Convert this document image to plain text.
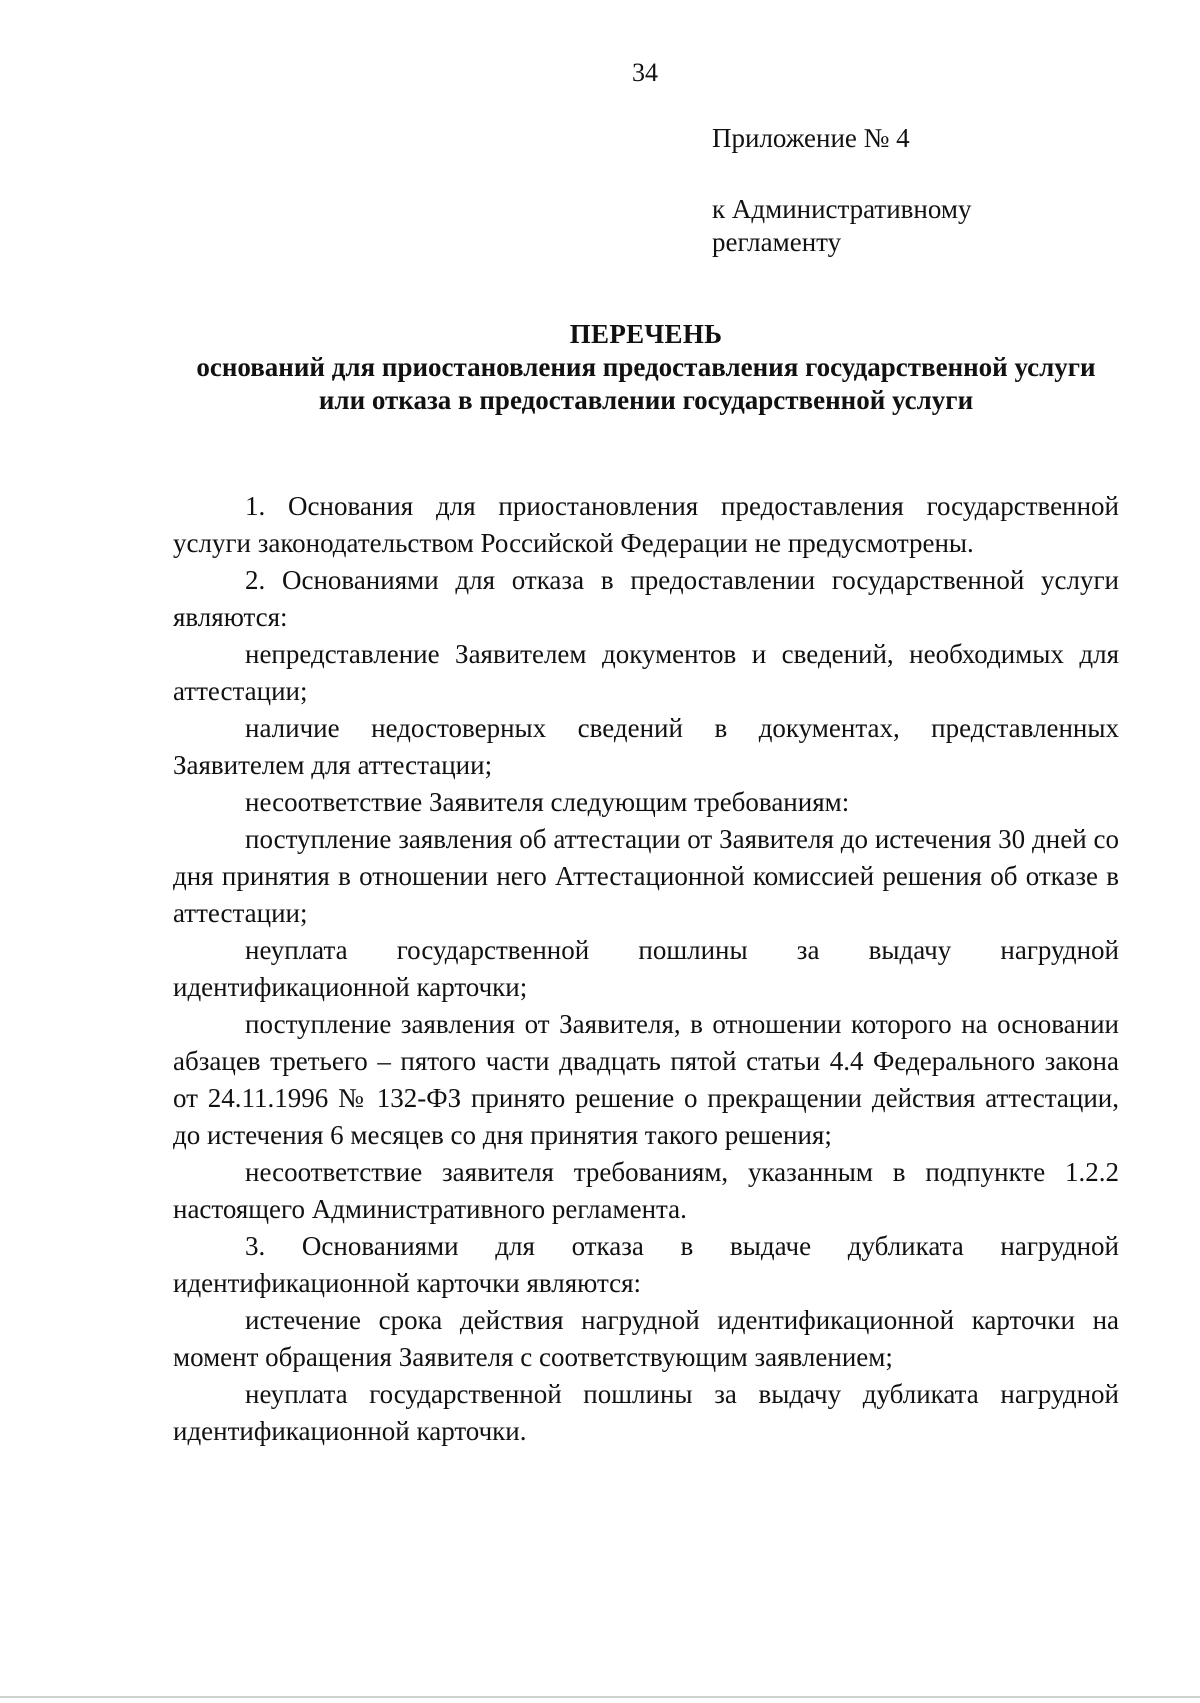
34
Приложение № 4
к Административному регламенту
ПЕРЕЧЕНЬ
оснований для приостановления предоставления государственной услуги или отказа в предоставлении государственной услуги

1. Основания для приостановления предоставления государственной услуги законодательством Российской Федерации не предусмотрены.

2. Основаниями для отказа в предоставлении государственной услуги являются:

непредставление Заявителем документов и сведений, необходимых для аттестации;

наличие недостоверных сведений в документах, представленных Заявителем для аттестации;

несоответствие Заявителя следующим требованиям:

поступление заявления об аттестации от Заявителя до истечения 30 дней со дня принятия в отношении него Аттестационной комиссией решения об отказе в аттестации;

неуплата государственной пошлины за выдачу нагрудной идентификационной карточки;

поступление заявления от Заявителя, в отношении которого на основании абзацев третьего – пятого части двадцать пятой статьи 4.4 Федерального закона от 24.11.1996 № 132-ФЗ принято решение о прекращении действия аттестации, до истечения 6 месяцев со дня принятия такого решения;

несоответствие заявителя требованиям, указанным в подпункте 1.2.2 настоящего Административного регламента.

3. Основаниями для отказа в выдаче дубликата нагрудной идентификационной карточки являются:

истечение срока действия нагрудной идентификационной карточки на момент обращения Заявителя с соответствующим заявлением;

неуплата государственной пошлины за выдачу дубликата нагрудной идентификационной карточки.
